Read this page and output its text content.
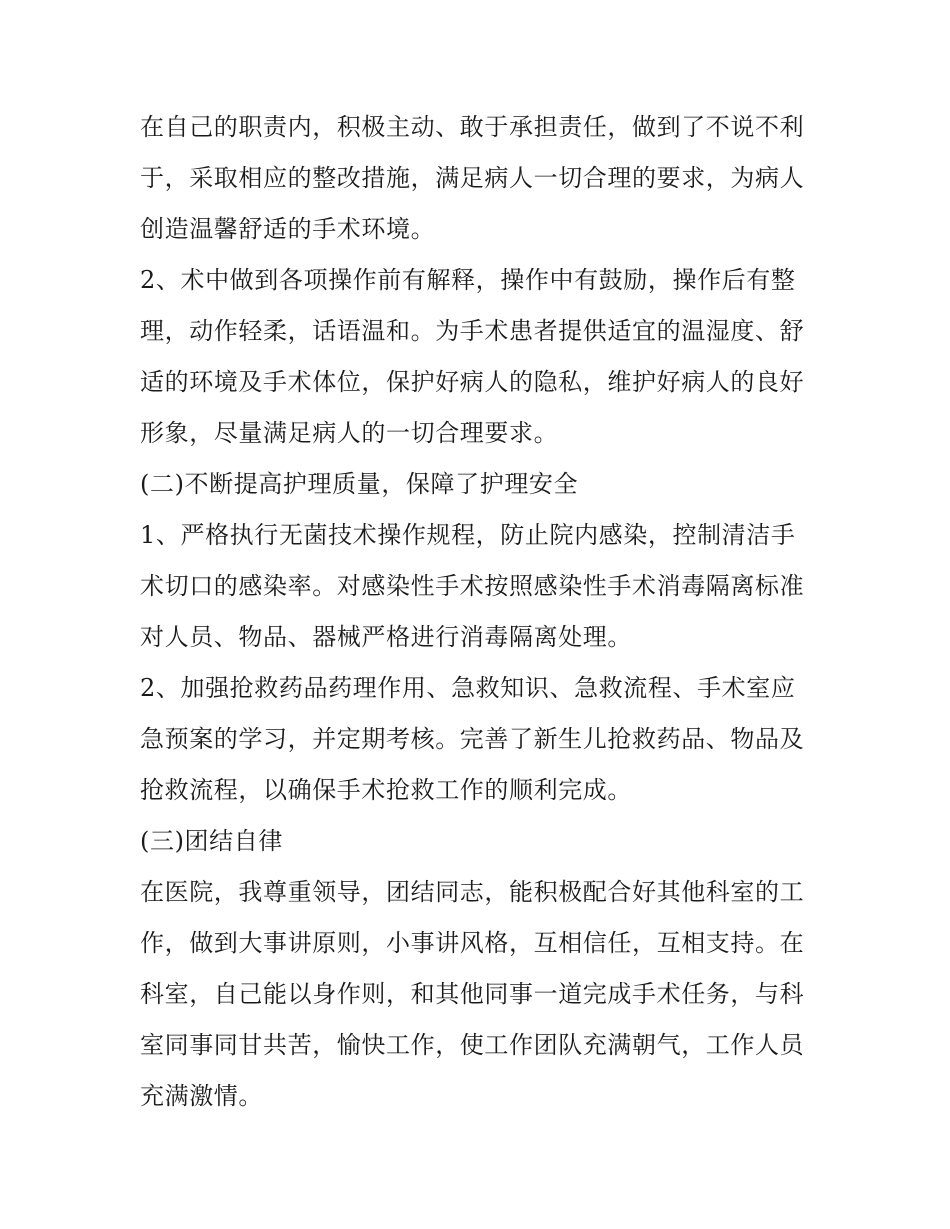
在自己的职责内，积极主动、敢于承担责任，做到了不说不利
于，采取相应的整改措施，满足病人一切合理的要求，为病人
创造温馨舒适的手术环境。
2、术中做到各项操作前有解释，操作中有鼓励，操作后有整
理，动作轻柔，话语温和。为手术患者提供适宜的温湿度、舒
适的环境及手术体位，保护好病人的隐私，维护好病人的良好
形象，尽量满足病人的一切合理要求。
(二)不断提高护理质量，保障了护理安全
1、严格执行无菌技术操作规程，防止院内感染，控制清洁手
术切口的感染率。对感染性手术按照感染性手术消毒隔离标准
对人员、物品、器械严格进行消毒隔离处理。
2、加强抢救药品药理作用、急救知识、急救流程、手术室应
急预案的学习，并定期考核。完善了新生儿抢救药品、物品及
抢救流程，以确保手术抢救工作的顺利完成。
(三)团结自律
在医院，我尊重领导，团结同志，能积极配合好其他科室的工
作，做到大事讲原则，小事讲风格，互相信任，互相支持。在
科室，自己能以身作则，和其他同事一道完成手术任务，与科
室同事同甘共苦，愉快工作，使工作团队充满朝气，工作人员
充满激情。
